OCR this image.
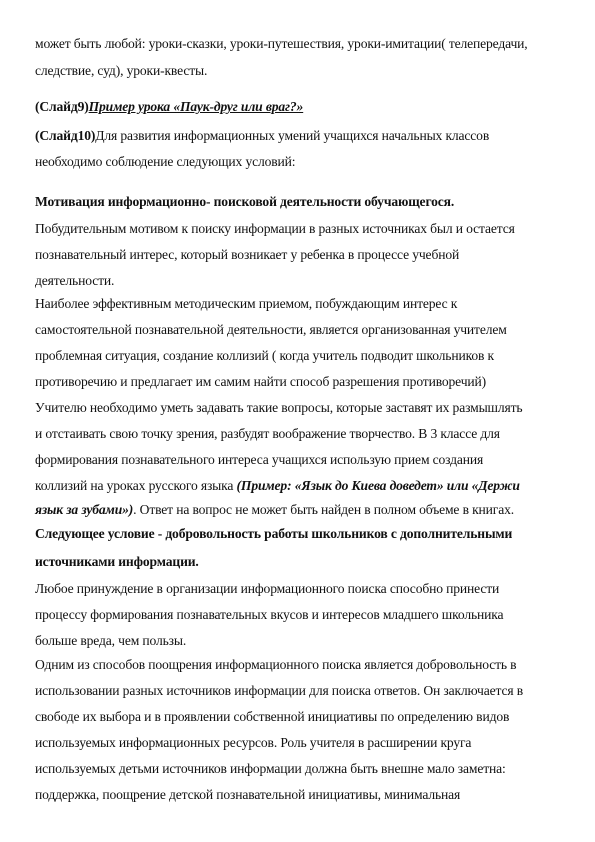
может быть любой: уроки-сказки, уроки-путешествия, уроки-имитации( телепередачи,
следствие, суд), уроки-квесты.
(Слайд9)Пример урока «Паук-друг или враг?»
(Слайд10)Для развития информационных умений учащихся начальных классов
необходимо соблюдение следующих условий:
Мотивация информационно- поисковой деятельности обучающегося.
Побудительным мотивом к поиску информации в разных источниках был и остается
познавательный интерес, который возникает у ребенка в процессе учебной
деятельности.
Наиболее эффективным методическим приемом, побуждающим интерес к
самостоятельной познавательной деятельности, является организованная учителем
проблемная ситуация, создание коллизий ( когда учитель подводит школьников к
противоречию и предлагает им самим найти способ разрешения противоречий)
Учителю необходимо уметь задавать такие вопросы, которые заставят их размышлять
и отстаивать свою точку зрения, разбудят воображение творчество. В 3 классе для
формирования познавательного интереса учащихся использую прием создания
коллизий на уроках русского языка (Пример: «Язык до Киева доведет» или «Держи
язык за зубами»). Ответ на вопрос не может быть найден в полном объеме в книгах.
Следующее условие - добровольность работы школьников с дополнительными
источниками информации.
Любое принуждение в организации информационного поиска способно принести
процессу формирования познавательных вкусов и интересов младшего школьника
больше вреда, чем пользы.
Одним из способов поощрения информационного поиска является добровольность в
использовании разных источников информации для поиска ответов. Он заключается в
свободе их выбора и в проявлении собственной инициативы по определению видов
используемых информационных ресурсов. Роль учителя в расширении круга
используемых детьми источников информации должна быть внешне мало заметна:
поддержка, поощрение детской познавательной инициативы, минимальная
